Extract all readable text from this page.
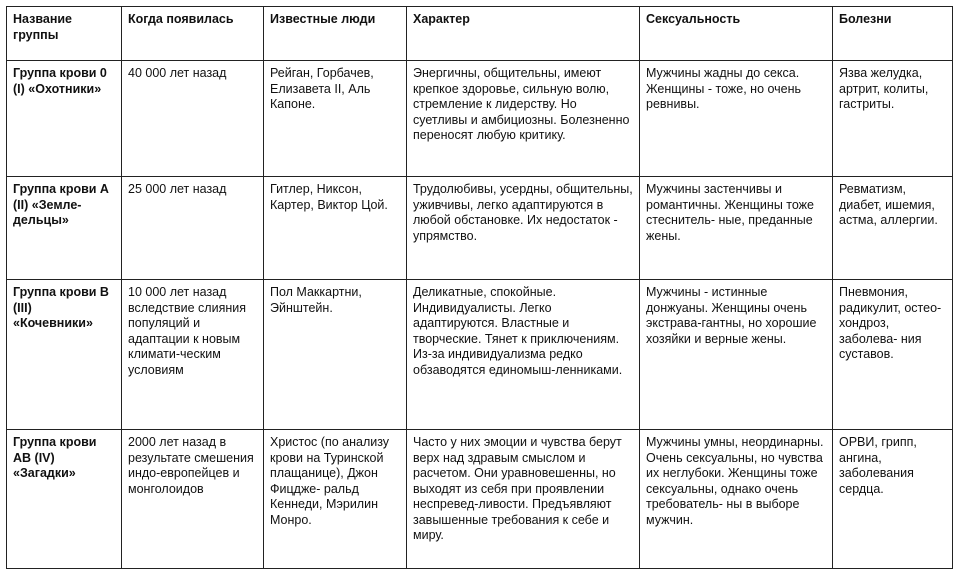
Название группы	Когда появилась	Известные люди	Характер	Сексуальность	Болезни
Группа крови 0 (I) «Охотники»	40 000 лет назад	Рейган, Горбачев, Елизавета II, Аль Капоне.	Энергичны, общительны, имеют крепкое здоровье, сильную волю, стремление к лидерству. Но суетливы и амбициозны. Болезненно переносят любую критику.	Мужчины жадны до секса. Женщины - тоже, но очень ревнивы.	Язва желудка, артрит, колиты, гастриты.
Группа крови А (II) «Земле-дельцы»	25 000 лет назад	Гитлер, Никсон, Картер, Виктор Цой.	Трудолюбивы, усердны, общительны, уживчивы, легко адаптируются в любой обстановке. Их недостаток - упрямство.	Мужчины застенчивы и романтичны. Женщины тоже стеснитель- ные, преданные жены.	Ревматизм, диабет, ишемия, астма, аллергии.
Группа крови В (III) «Кочевники»	10 000 лет назад вследствие слияния популяций и адаптации к новым климати-ческим условиям	Пол Маккартни, Эйнштейн.	Деликатные, спокойные. Индивидуалисты. Легко адаптируются. Властные и творческие. Тянет к приключениям. Из-за индивидуализма редко обзаводятся единомыш-ленниками.	Мужчины - истинные донжуаны. Женщины очень экстрава-гантны, но хорошие хозяйки и верные жены.	Пневмония, радикулит, остео-хондроз, заболева- ния суставов.
Группа крови АВ (IV) «Загадки»	2000 лет назад в результате смешения индо-европейцев и монголоидов	Христос (по анализу крови на Туринской плащанице), Джон Фицдже- ральд Кеннеди, Мэрилин Монро.	Часто у них эмоции и чувства берут верх над здравым смыслом и расчетом. Они уравновешенны, но выходят из себя при проявлении неспревед-ливости. Предъявляют завышенные требования к себе и миру.	Мужчины умны, неординарны. Очень сексуальны, но чувства их неглубоки. Женщины тоже сексуальны, однако очень требователь- ны в выборе мужчин.	ОРВИ, грипп, ангина, заболевания сердца.
